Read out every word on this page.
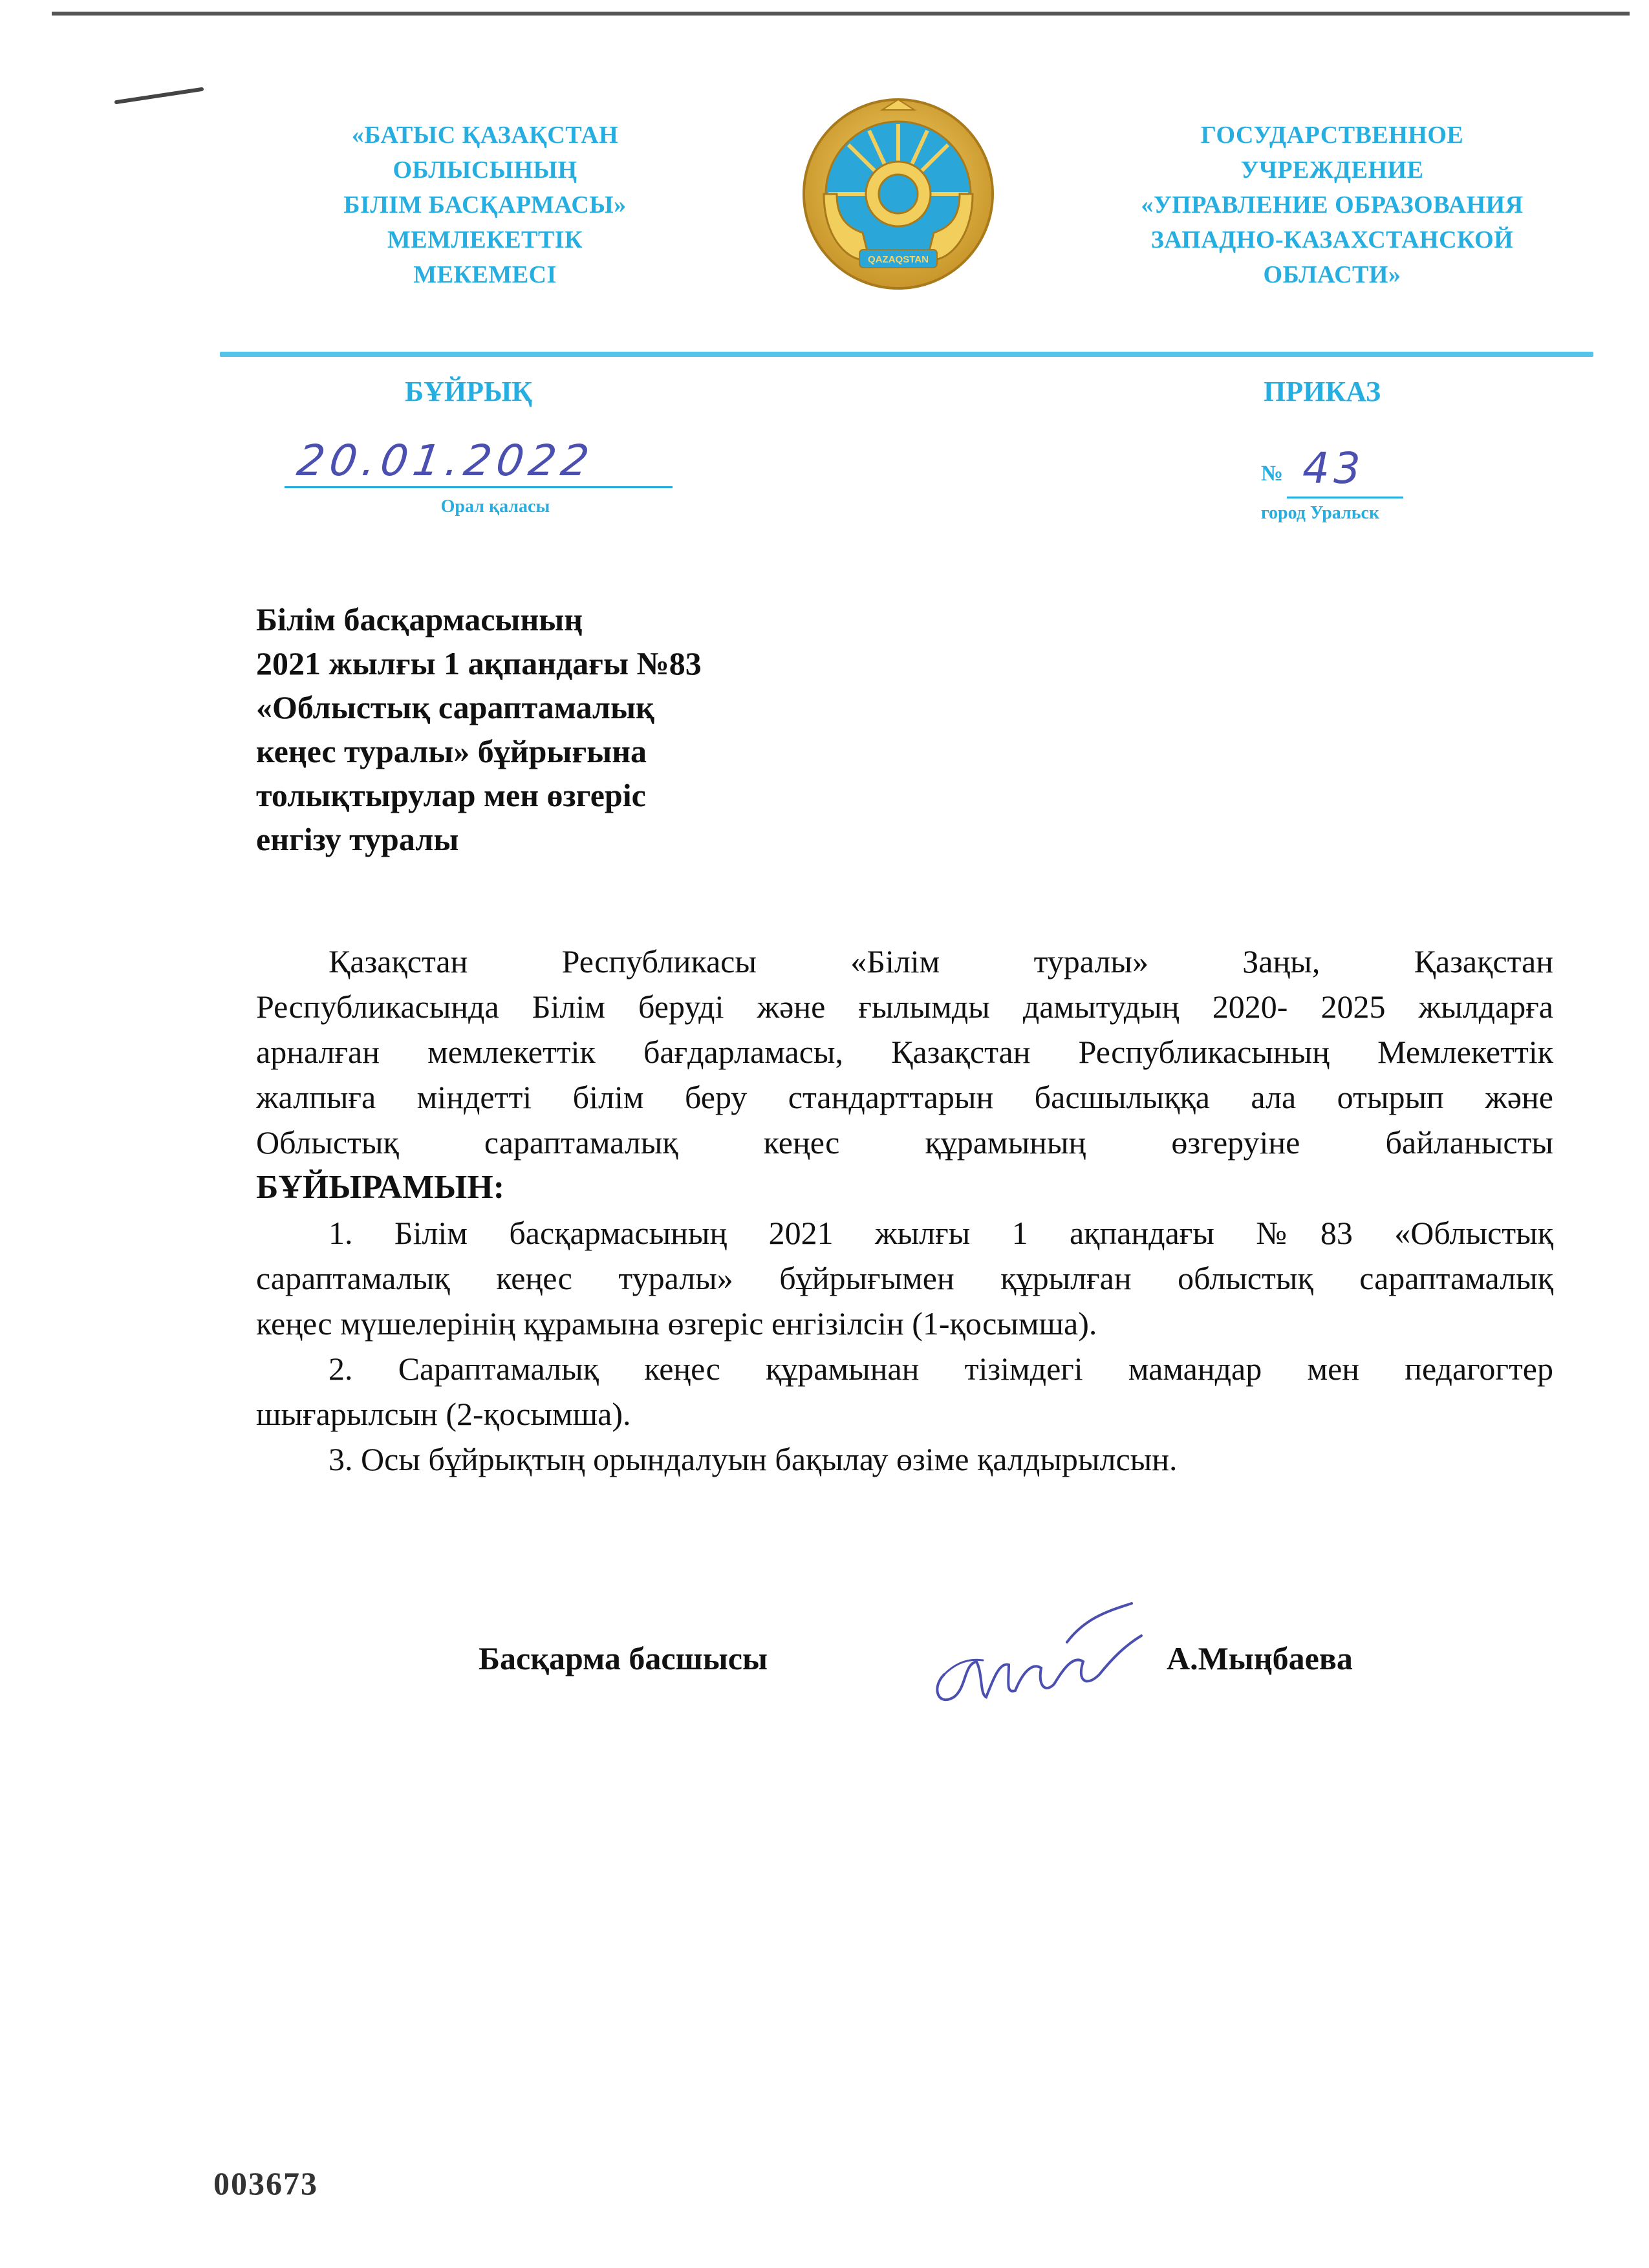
«БАТЫС ҚАЗАҚСТАН
ОБЛЫСЫНЫҢ
БІЛІМ БАСҚАРМАСЫ»
МЕМЛЕКЕТТІК
МЕКЕМЕСІ
QAZAQSTAN
ГОСУДАРСТВЕННОЕ
УЧРЕЖДЕНИЕ
«УПРАВЛЕНИЕ ОБРАЗОВАНИЯ
ЗАПАДНО-КАЗАХСТАНСКОЙ
ОБЛАСТИ»
БҰЙРЫҚ	ПРИКАЗ
20.01.2022
Орал қаласы
№ 43
город Уральск
Білім басқармасының
2021 жылғы 1 ақпандағы №83
«Облыстық сараптамалық
кеңес туралы» бұйрығына
толықтырулар мен өзгеріс
енгізу туралы
Қазақстан Республикасы «Білім туралы» Заңы, Қазақстан
Республикасында Білім беруді және ғылымды дамытудың 2020- 2025 жылдарға
арналған мемлекеттік бағдарламасы, Қазақстан Республикасының Мемлекеттік
жалпыға міндетті білім беру стандарттарын басшылыққа ала отырып және
Облыстық сараптамалық кеңес құрамының өзгеруіне байланысты
БҰЙЫРАМЫН:
1. Білім басқармасының 2021 жылғы 1 ақпандағы №83 «Облыстық
сараптамалық кеңес туралы» бұйрығымен құрылған облыстық сараптамалық
кеңес мүшелерінің құрамына өзгеріс енгізілсін (1-қосымша).
2. Сараптамалық кеңес құрамынан тізімдегі мамандар мен педагогтер
шығарылсын (2-қосымша).
3. Осы бұйрықтың орындалуын бақылау өзіме қалдырылсын.
Басқарма басшысы	А.Мыңбаева
003673
